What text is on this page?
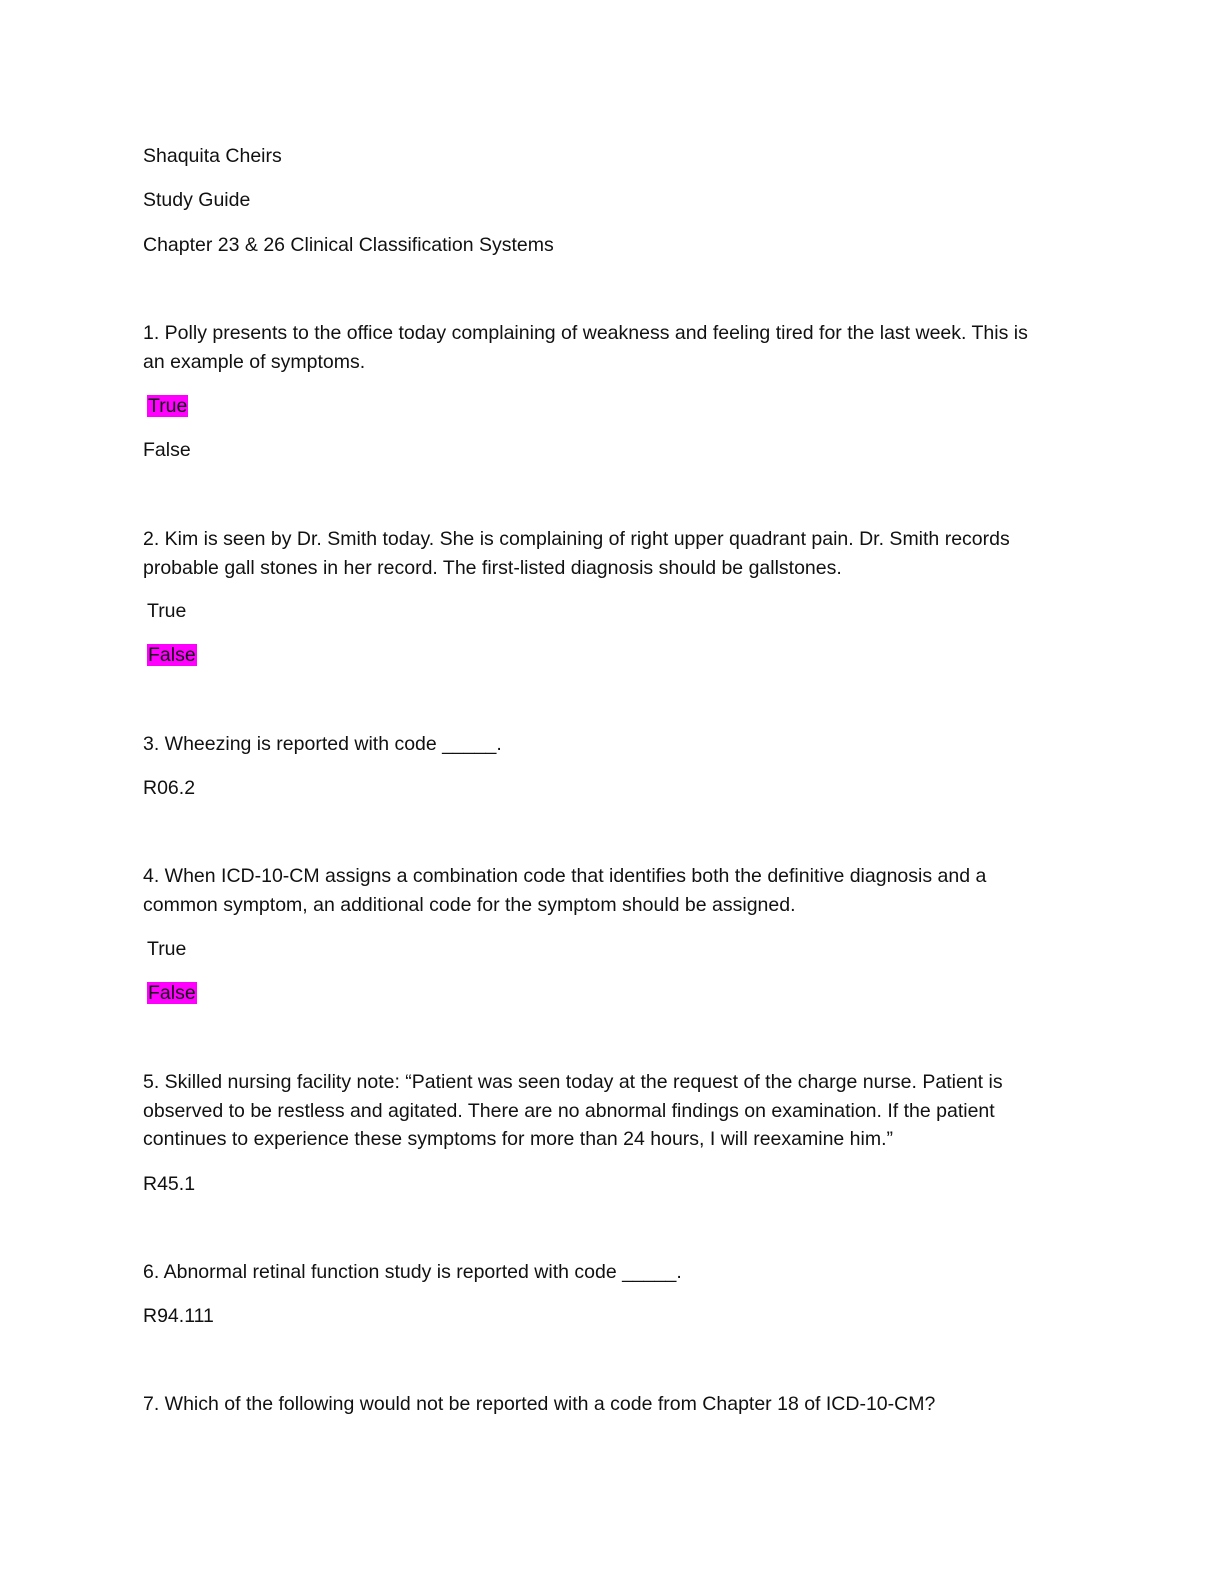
Shaquita Cheirs
Study Guide
Chapter 23 & 26 Clinical Classification Systems
1. Polly presents to the office today complaining of weakness and feeling tired for the last week. This is
an example of symptoms.
True
False
2. Kim is seen by Dr. Smith today. She is complaining of right upper quadrant pain. Dr. Smith records
probable gall stones in her record. The first-listed diagnosis should be gallstones.
True
False
3. Wheezing is reported with code _____.
R06.2
4. When ICD-10-CM assigns a combination code that identifies both the definitive diagnosis and a
common symptom, an additional code for the symptom should be assigned.
True
False
5. Skilled nursing facility note: “Patient was seen today at the request of the charge nurse. Patient is
observed to be restless and agitated. There are no abnormal findings on examination. If the patient
continues to experience these symptoms for more than 24 hours, I will reexamine him.”
R45.1
6. Abnormal retinal function study is reported with code _____.
R94.111
7. Which of the following would not be reported with a code from Chapter 18 of ICD-10-CM?
